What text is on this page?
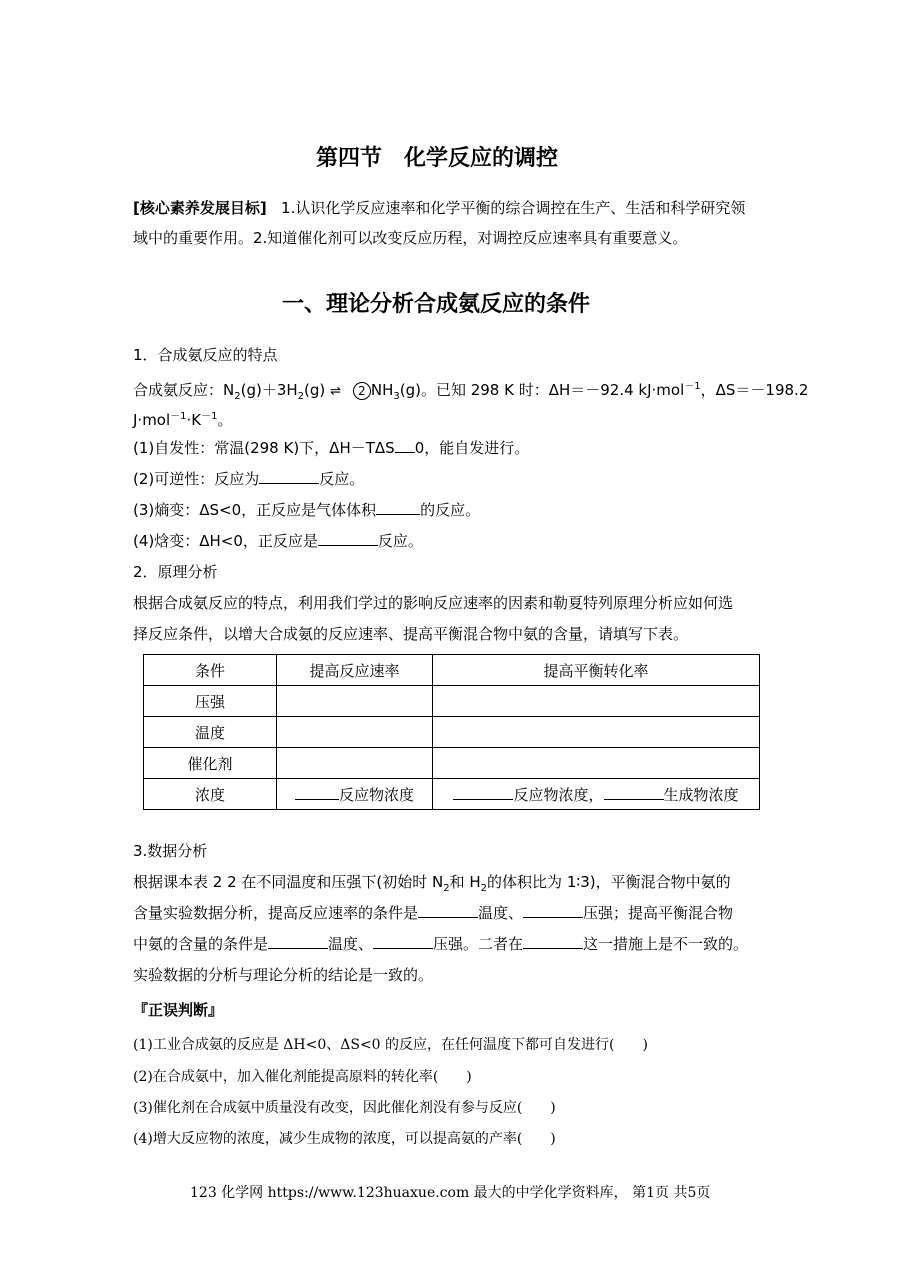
第四节　化学反应的调控
[核心素养发展目标] 1.认识化学反应速率和化学平衡的综合调控在生产、生活和科学研究领
域中的重要作用。2.知道催化剂可以改变反应历程，对调控反应速率具有重要意义。
一、理论分析合成氨反应的条件
1．合成氨反应的特点
合成氨反应：$N_2(g)+3H_2(g)$ ⇌ 2 $NH_3(g)$。已知 298 K 时：ΔH＝－92.4 kJ·mol$^{-1}$，ΔS＝－198.2
$J\cdot mol^{-1}\cdot K^{-1}$。
(1)自发性：常温(298 K)下，ΔH－TΔS 0，能自发进行。
(2)可逆性：反应为	反应。
(3)熵变：ΔS<0，正反应是气体体积	的反应。
(4)焓变：ΔH<0，正反应是	反应。
2．原理分析
根据合成氨反应的特点，利用我们学过的影响反应速率的因素和勒夏特列原理分析应如何选
择反应条件，以增大合成氨的反应速率、提高平衡混合物中氨的含量，请填写下表。
条件	提高反应速率	提高平衡转化率
压强		
温度		
催化剂		
浓度	反应物浓度	反应物浓度， 生成物浓度
3.数据分析
根据课本表 2 2 在不同温度和压强下(初始时 $N_2$和 $H_2$的体积比为 1∶3)，平衡混合物中氨的
含量实验数据分析，提高反应速率的条件是	温度、	压强；提高平衡混合物
中氨的含量的条件是	温度、	压强。二者在	这一措施上是不一致的。
实验数据的分析与理论分析的结论是一致的。
『正误判断』
(1)工业合成氨的反应是 ΔH<0、ΔS<0 的反应，在任何温度下都可自发进行(　　)
(2)在合成氨中，加入催化剂能提高原料的转化率(　　)
(3)催化剂在合成氨中质量没有改变，因此催化剂没有参与反应(　　)
(4)增大反应物的浓度，减少生成物的浓度，可以提高氨的产率(　　)
123 化学网 https://www.123huaxue.com 最大的中学化学资料库， 第1页 共5页
